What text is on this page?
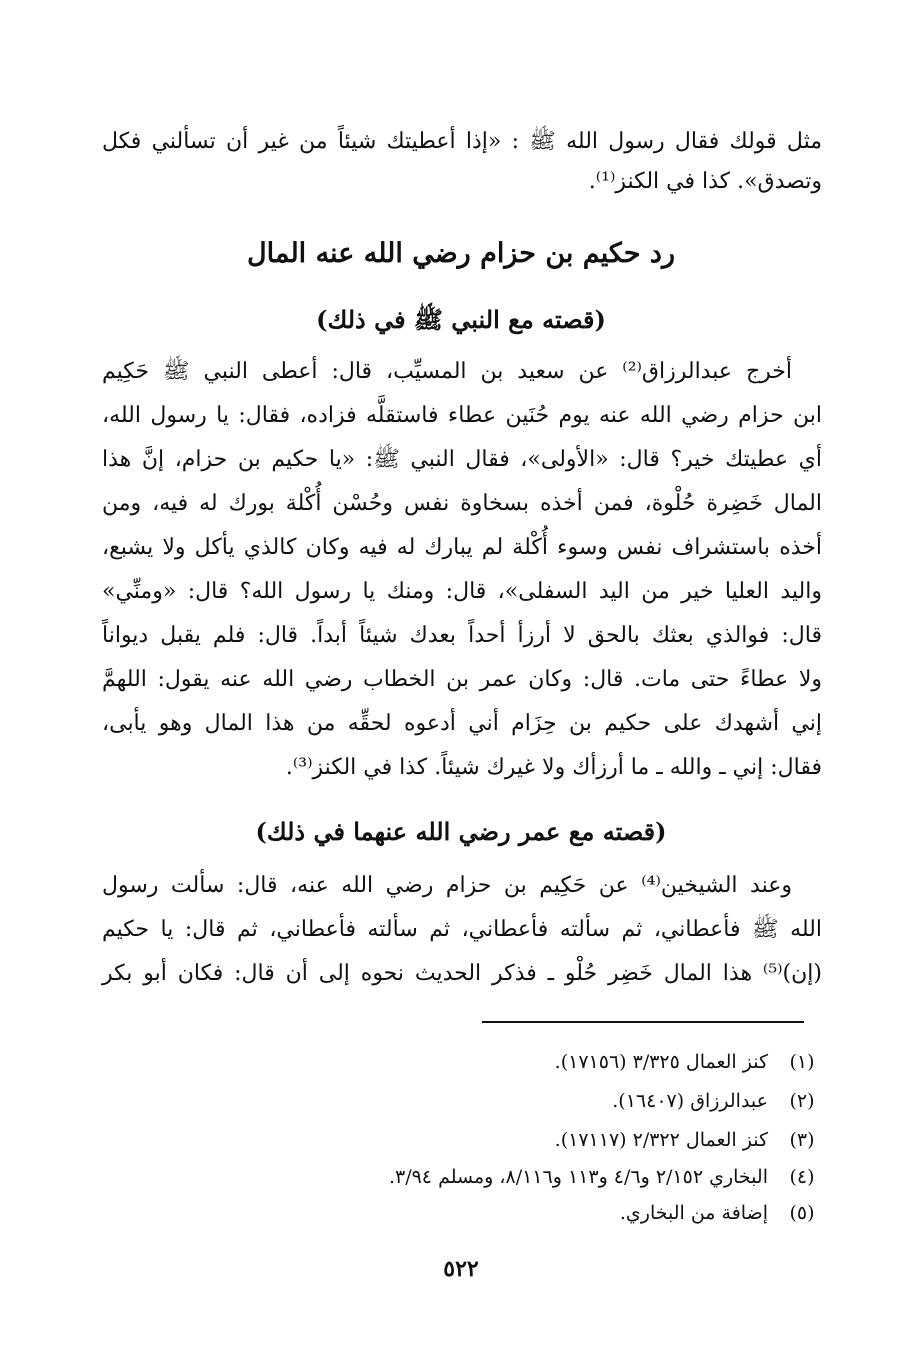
مثل قولك فقال رسول الله ﷺ : «إذا أعطيتك شيئاً من غير أن تسألني فكل
وتصدق». كذا في الكنز⁽¹⁾.
رد حكيم بن حزام رضي الله عنه المال
(قصته مع النبي ﷺ في ذلك)
أخرج عبدالرزاق⁽²⁾ عن سعيد بن المسيِّب، قال: أعطى النبي ﷺ حَكِيم
ابن حزام رضي الله عنه يوم حُنَين عطاء فاستقلَّه فزاده، فقال: يا رسول الله،
أي عطيتك خير؟ قال: «الأولى»، فقال النبي ﷺ: «يا حكيم بن حزام، إنَّ هذا
المال خَضِرة حُلْوة، فمن أخذه بسخاوة نفس وحُسْن أُكْلة بورك له فيه، ومن
أخذه باستشراف نفس وسوء أُكْلة لم يبارك له فيه وكان كالذي يأكل ولا يشبع،
واليد العليا خير من اليد السفلى»، قال: ومنك يا رسول الله؟ قال: «ومنِّي»
قال: فوالذي بعثك بالحق لا أرزأ أحداً بعدك شيئاً أبداً. قال: فلم يقبل ديواناً
ولا عطاءً حتى مات. قال: وكان عمر بن الخطاب رضي الله عنه يقول: اللهمَّ
إني أشهدك على حكيم بن حِزَام أني أدعوه لحقِّه من هذا المال وهو يأبى،
فقال: إني ـ والله ـ ما أرزأك ولا غيرك شيئاً. كذا في الكنز⁽³⁾.
(قصته مع عمر رضي الله عنهما في ذلك)
وعند الشيخين⁽⁴⁾ عن حَكِيم بن حزام رضي الله عنه، قال: سألت رسول
الله ﷺ فأعطاني، ثم سألته فأعطاني، ثم سألته فأعطاني، ثم قال: يا حكيم
(إن)⁽⁵⁾ هذا المال خَضِر حُلْو ـ فذكر الحديث نحوه إلى أن قال: فكان أبو بكر
(١)كنز العمال ٣/٣٢٥ (١٧١٥٦).
(٢)عبدالرزاق (١٦٤٠٧).
(٣)كنز العمال ٢/٣٢٢ (١٧١١٧).
(٤)البخاري ٢/١٥٢ و٤/٦ و١١٣ و٨/١١٦، ومسلم ٣/٩٤.
(٥)إضافة من البخاري.
٥٢٢
